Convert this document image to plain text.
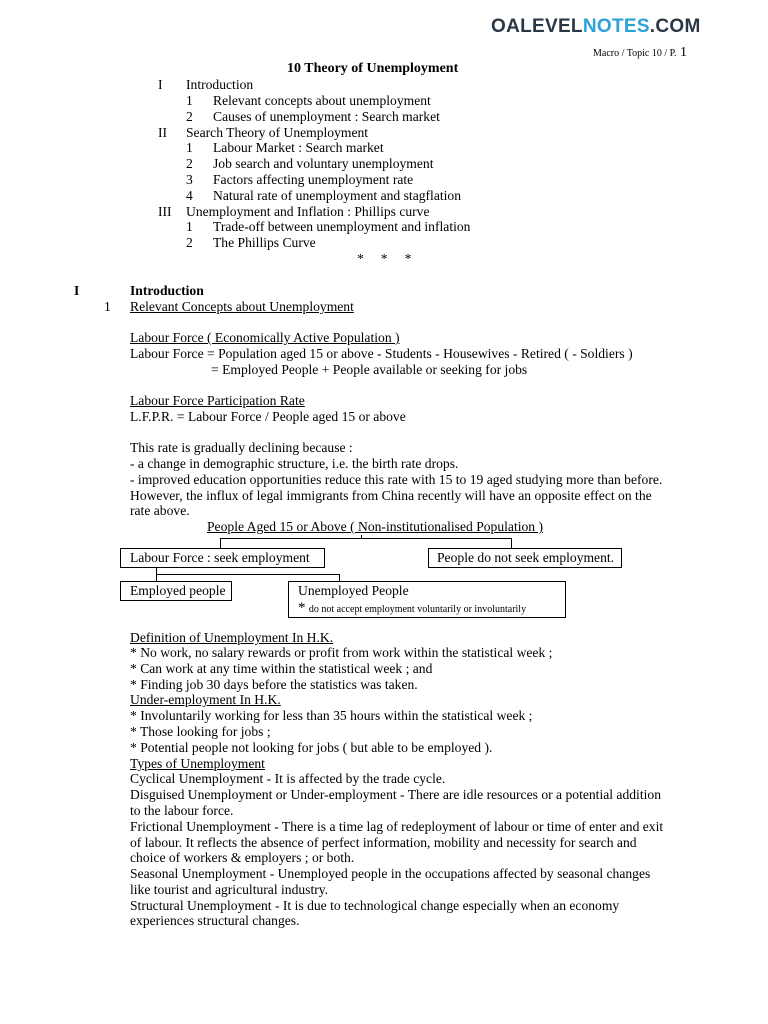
OALEVELNOTES.COM
Macro / Topic 10 / P. 1
10 Theory of Unemployment
I Introduction
1 Relevant concepts about unemployment
2 Causes of unemployment : Search market
II Search Theory of Unemployment
1 Labour Market : Search market
2 Job search and voluntary unemployment
3 Factors affecting unemployment rate
4 Natural rate of unemployment and stagflation
III Unemployment and Inflation : Phillips curve
1 Trade-off between unemployment and inflation
2 The Phillips Curve
*     *     *
I	Introduction
1 Relevant Concepts about Unemployment
Labour Force ( Economically Active Population )
Labour Force = Population aged 15 or above - Students - Housewives - Retired ( - Soldiers )
= Employed People + People available or seeking for jobs
Labour Force Participation Rate
L.F.P.R. = Labour Force / People aged 15 or above
This rate is gradually declining because :
- a change in demographic structure, i.e. the birth rate drops.
- improved education opportunities reduce this rate with 15 to 19 aged studying more than before.
However, the influx of legal immigrants from China recently will have an opposite effect on the
rate above.
People Aged 15 or Above ( Non-institutionalised Population )
Labour Force : seek employment	People do not seek employment.
Employed people	Unemployed People
* do not accept employment voluntarily or involuntarily
Definition of Unemployment In H.K.
* No work, no salary rewards or profit from work within the statistical week ;
* Can work at any time within the statistical week ; and
* Finding job 30 days before the statistics was taken.
Under-employment In H.K.
* Involuntarily working for less than 35 hours within the statistical week ;
* Those looking for jobs ;
* Potential people not looking for jobs ( but able to be employed ).
Types of Unemployment
Cyclical Unemployment - It is affected by the trade cycle.
Disguised Unemployment or Under-employment - There are idle resources or a potential addition
to the labour force.
Frictional Unemployment - There is a time lag of redeployment of labour or time of enter and exit
of labour. It reflects the absence of perfect information, mobility and necessity for search and
choice of workers & employers ; or both.
Seasonal Unemployment - Unemployed people in the occupations affected by seasonal changes
like tourist and agricultural industry.
Structural Unemployment - It is due to technological change especially when an economy
experiences structural changes.
